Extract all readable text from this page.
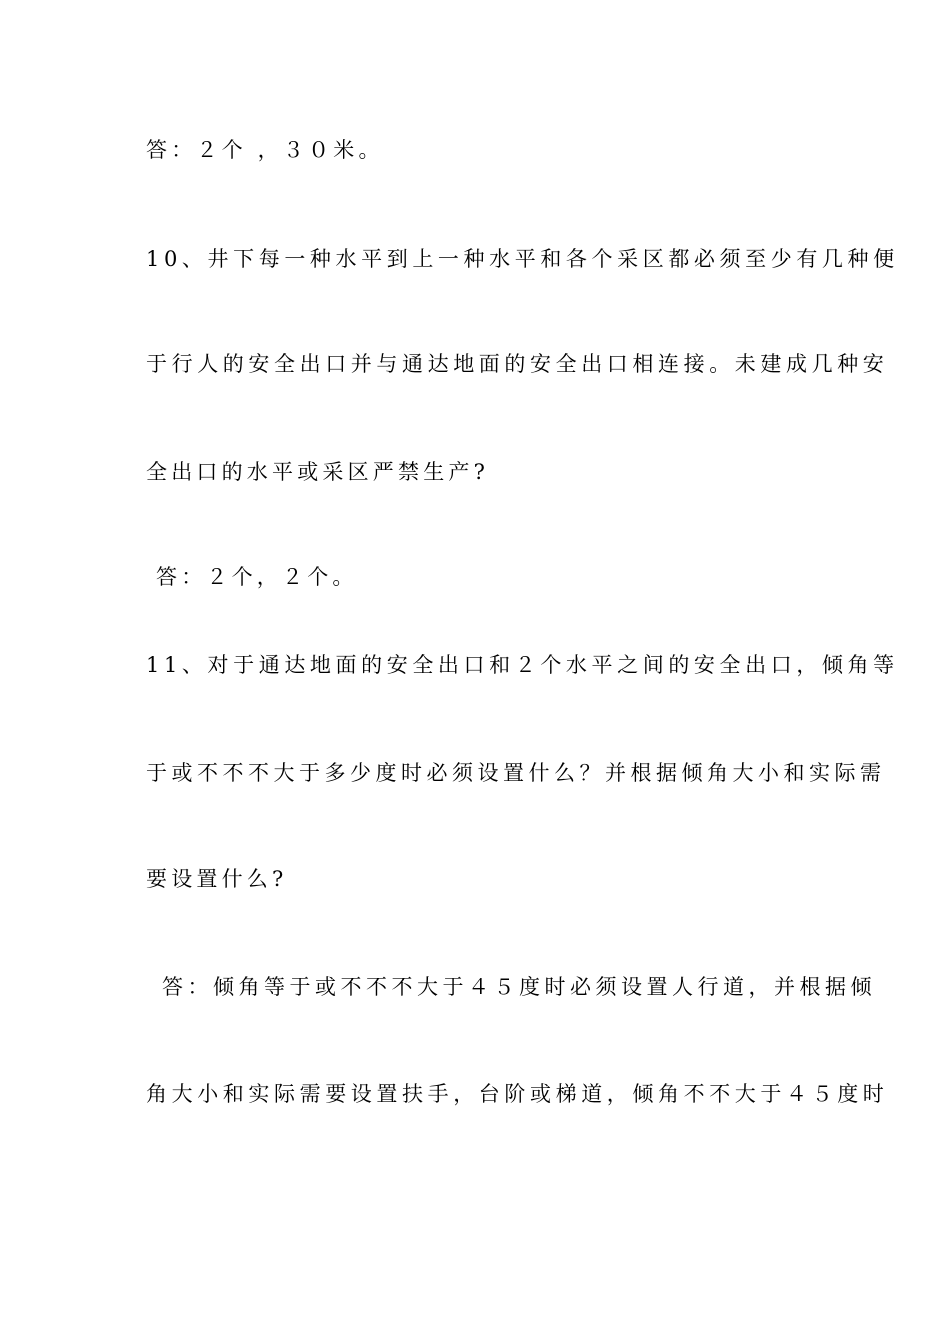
答：２个 ，３０米。
10、井下每一种水平到上一种水平和各个采区都必须至少有几种便
于行人的安全出口并与通达地面的安全出口相连接。未建成几种安
全出口的水平或采区严禁生产?
答：２个，２个。
11、对于通达地面的安全出口和２个水平之间的安全出口，倾角等
于或不不不大于多少度时必须设置什么？并根据倾角大小和实际需
要设置什么?
答：倾角等于或不不不大于４５度时必须设置人行道，并根据倾
角大小和实际需要设置扶手，台阶或梯道，倾角不不大于４５度时
